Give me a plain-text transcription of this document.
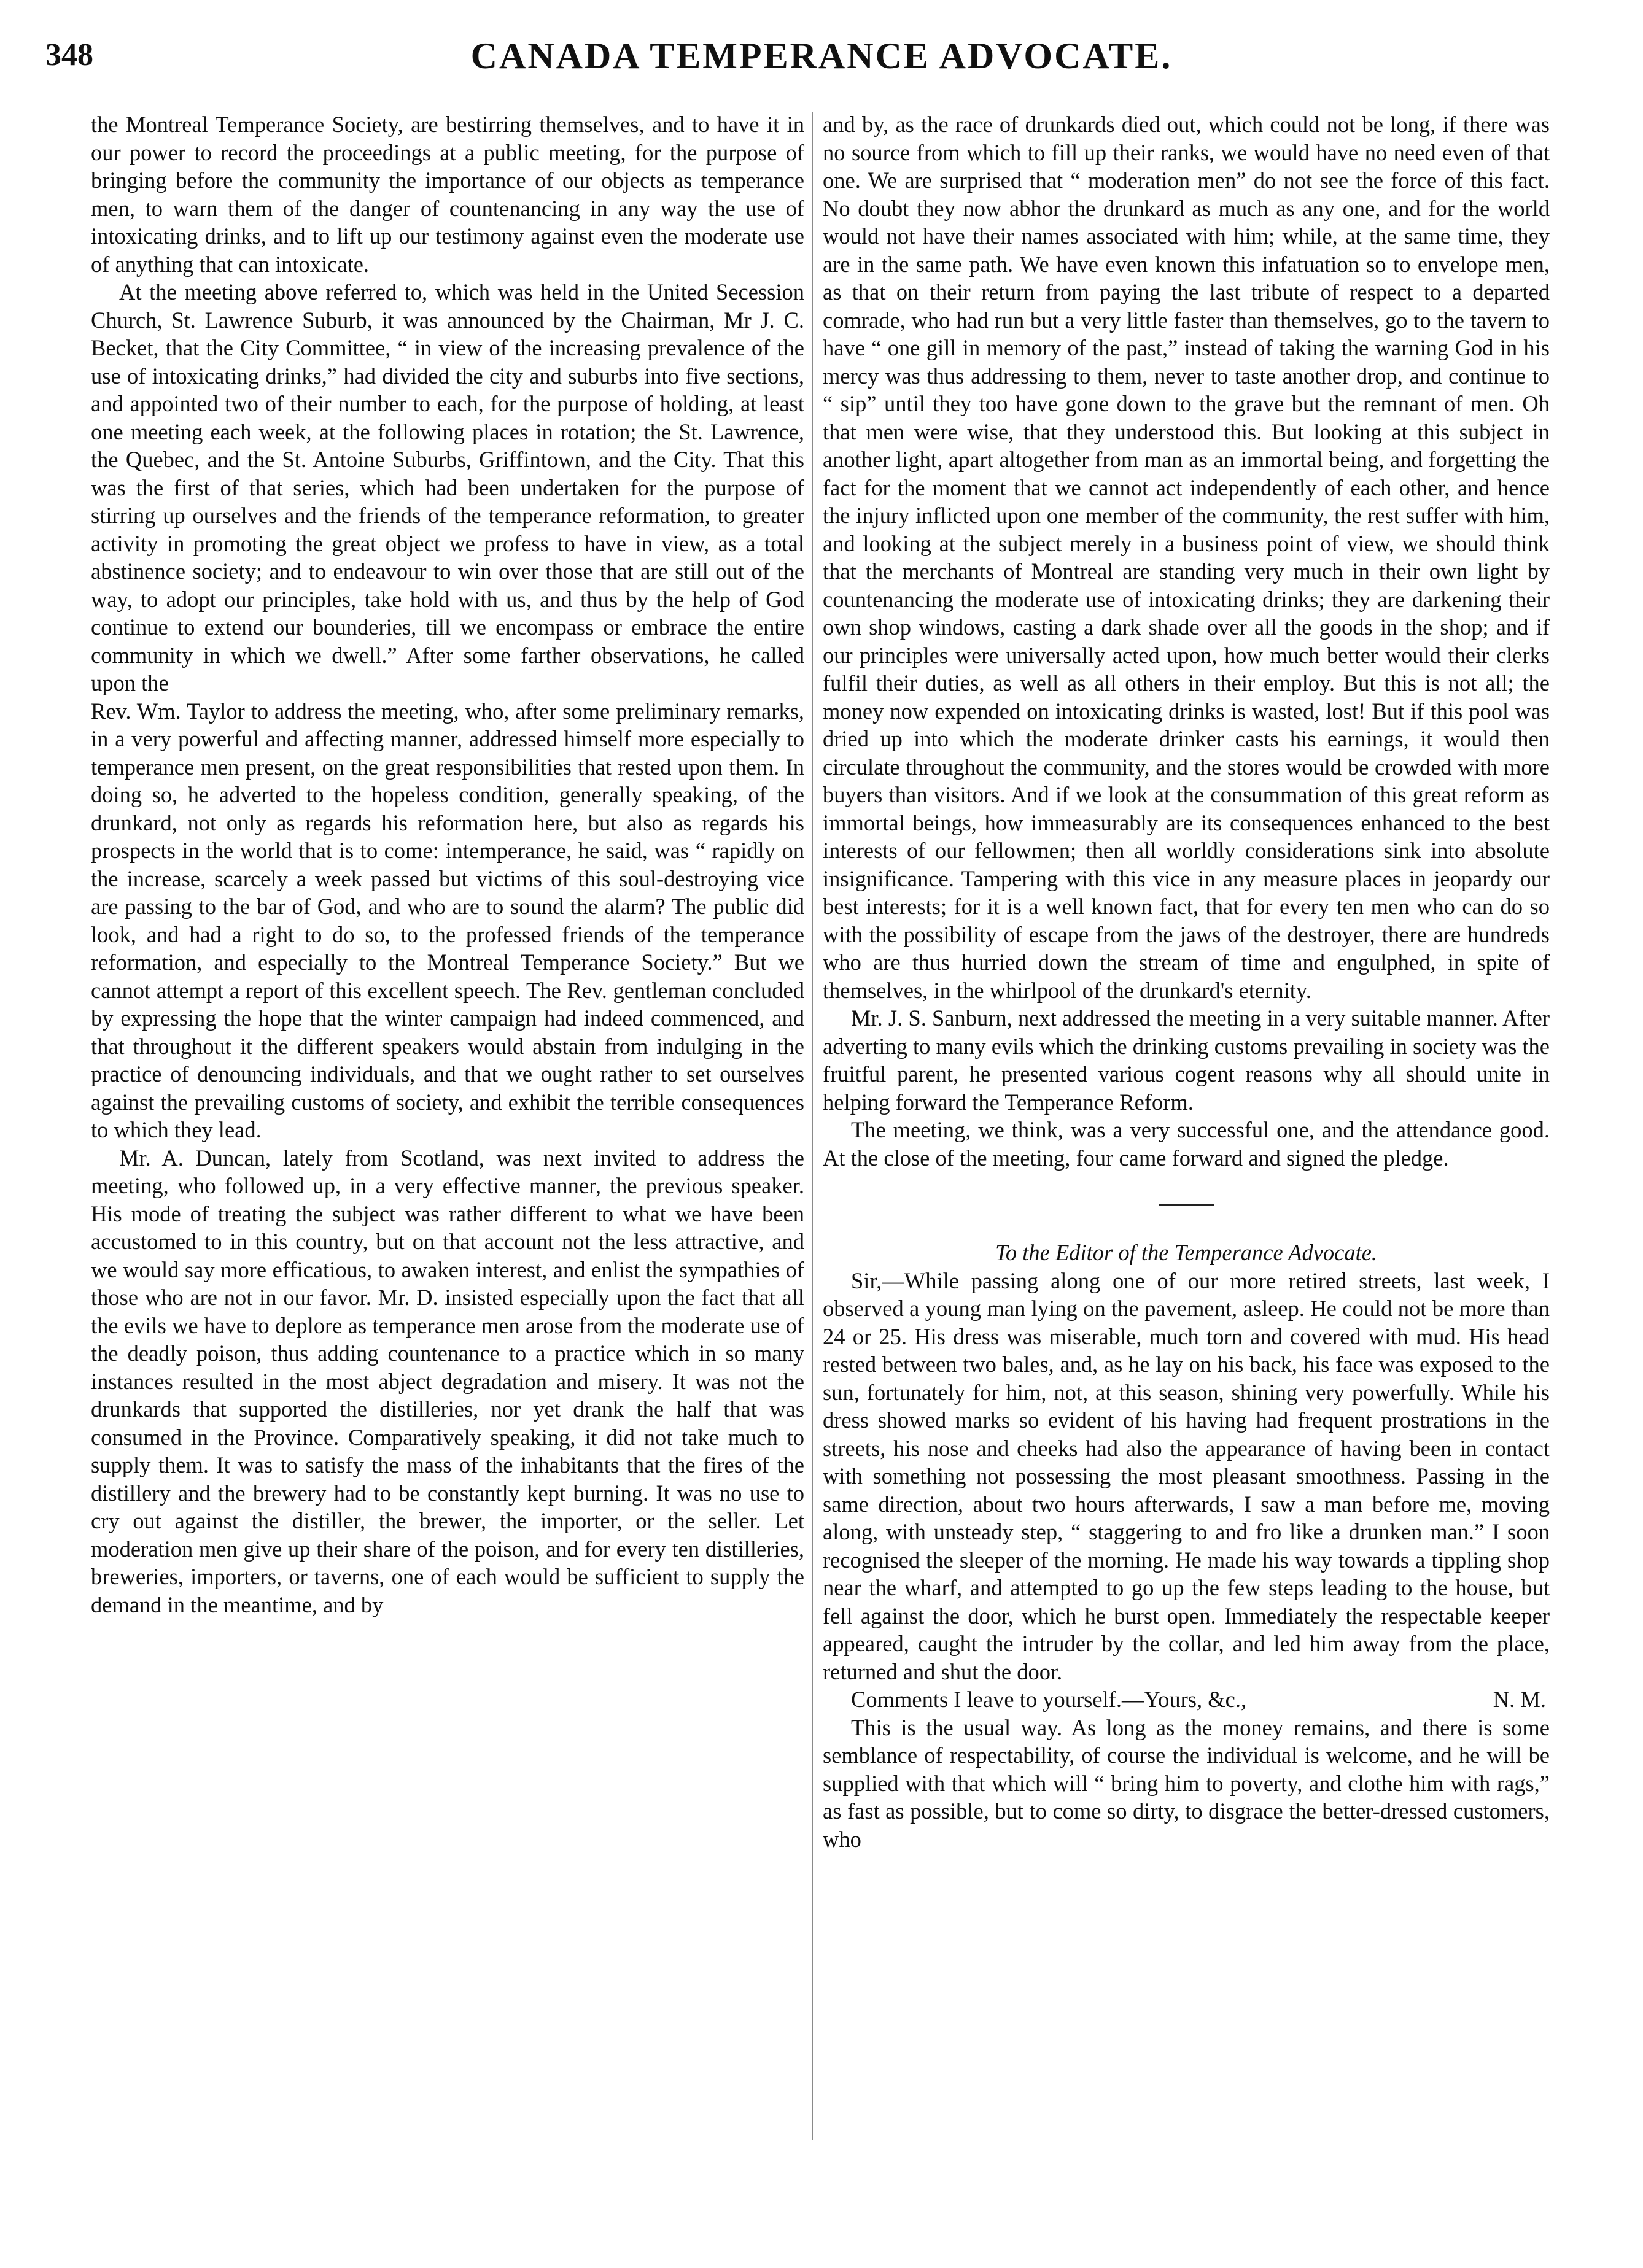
348	CANADA TEMPERANCE ADVOCATE.

the Montreal Temperance Society, are bestirring themselves, and to have it in our power to record the proceedings at a public meeting, for the purpose of bringing before the community the importance of our objects as temperance men, to warn them of the danger of countenancing in any way the use of intoxicating drinks, and to lift up our testimony against even the moderate use of anything that can intoxicate.

At the meeting above referred to, which was held in the United Secession Church, St. Lawrence Suburb, it was announced by the Chairman, Mr J. C. Becket, that the City Committee, “ in view of the increasing prevalence of the use of intoxicating drinks,” had divided the city and suburbs into five sections, and appointed two of their number to each, for the purpose of holding, at least one meeting each week, at the following places in rotation; the St. Lawrence, the Quebec, and the St. Antoine Suburbs, Griffintown, and the City. That this was the first of that series, which had been undertaken for the purpose of stirring up ourselves and the friends of the temperance reformation, to greater activity in promoting the great object we profess to have in view, as a total abstinence society; and to endeavour to win over those that are still out of the way, to adopt our principles, take hold with us, and thus by the help of God continue to extend our bounderies, till we encompass or embrace the entire community in which we dwell.” After some farther observations, he called upon the

Rev. Wm. Taylor to address the meeting, who, after some preliminary remarks, in a very powerful and affecting manner, addressed himself more especially to temperance men present, on the great responsibilities that rested upon them. In doing so, he adverted to the hopeless condition, generally speaking, of the drunkard, not only as regards his reformation here, but also as regards his prospects in the world that is to come: intemperance, he said, was “ rapidly on the increase, scarcely a week passed but victims of this soul-destroying vice are passing to the bar of God, and who are to sound the alarm? The public did look, and had a right to do so, to the professed friends of the temperance reformation, and especially to the Montreal Temperance Society.” But we cannot attempt a report of this excellent speech. The Rev. gentleman concluded by expressing the hope that the winter campaign had indeed commenced, and that throughout it the different speakers would abstain from indulging in the practice of denouncing individuals, and that we ought rather to set ourselves against the prevailing customs of society, and exhibit the terrible consequences to which they lead.

Mr. A. Duncan, lately from Scotland, was next invited to address the meeting, who followed up, in a very effective manner, the previous speaker. His mode of treating the subject was rather different to what we have been accustomed to in this country, but on that account not the less attractive, and we would say more efficatious, to awaken interest, and enlist the sympathies of those who are not in our favor. Mr. D. insisted especially upon the fact that all the evils we have to deplore as temperance men arose from the moderate use of the deadly poison, thus adding countenance to a practice which in so many instances resulted in the most abject degradation and misery. It was not the drunkards that supported the distilleries, nor yet drank the half that was consumed in the Province. Comparatively speaking, it did not take much to supply them. It was to satisfy the mass of the inhabitants that the fires of the distillery and the brewery had to be constantly kept burning. It was no use to cry out against the distiller, the brewer, the importer, or the seller. Let moderation men give up their share of the poison, and for every ten distilleries, breweries, importers, or taverns, one of each would be sufficient to supply the demand in the meantime, and by

and by, as the race of drunkards died out, which could not be long, if there was no source from which to fill up their ranks, we would have no need even of that one. We are surprised that “ moderation men” do not see the force of this fact. No doubt they now abhor the drunkard as much as any one, and for the world would not have their names associated with him; while, at the same time, they are in the same path. We have even known this infatuation so to envelope men, as that on their return from paying the last tribute of respect to a departed comrade, who had run but a very little faster than themselves, go to the tavern to have “ one gill in memory of the past,” instead of taking the warning God in his mercy was thus addressing to them, never to taste another drop, and continue to “ sip” until they too have gone down to the grave but the remnant of men. Oh that men were wise, that they understood this. But looking at this subject in another light, apart altogether from man as an immortal being, and forgetting the fact for the moment that we cannot act independently of each other, and hence the injury inflicted upon one member of the community, the rest suffer with him, and looking at the subject merely in a business point of view, we should think that the merchants of Montreal are standing very much in their own light by countenancing the moderate use of intoxicating drinks; they are darkening their own shop windows, casting a dark shade over all the goods in the shop; and if our principles were universally acted upon, how much better would their clerks fulfil their duties, as well as all others in their employ. But this is not all; the money now expended on intoxicating drinks is wasted, lost! But if this pool was dried up into which the moderate drinker casts his earnings, it would then circulate throughout the community, and the stores would be crowded with more buyers than visitors. And if we look at the consummation of this great reform as immortal beings, how immeasurably are its consequences enhanced to the best interests of our fellowmen; then all worldly considerations sink into absolute insignificance. Tampering with this vice in any measure places in jeopardy our best interests; for it is a well known fact, that for every ten men who can do so with the possibility of escape from the jaws of the destroyer, there are hundreds who are thus hurried down the stream of time and engulphed, in spite of themselves, in the whirlpool of the drunkard's eternity.

Mr. J. S. Sanburn, next addressed the meeting in a very suitable manner. After adverting to many evils which the drinking customs prevailing in society was the fruitful parent, he presented various cogent reasons why all should unite in helping forward the Temperance Reform.

The meeting, we think, was a very successful one, and the attendance good. At the close of the meeting, four came forward and signed the pledge.

To the Editor of the Temperance Advocate.

Sir,—While passing along one of our more retired streets, last week, I observed a young man lying on the pavement, asleep. He could not be more than 24 or 25. His dress was miserable, much torn and covered with mud. His head rested between two bales, and, as he lay on his back, his face was exposed to the sun, fortunately for him, not, at this season, shining very powerfully. While his dress showed marks so evident of his having had frequent prostrations in the streets, his nose and cheeks had also the appearance of having been in contact with something not possessing the most pleasant smoothness. Passing in the same direction, about two hours afterwards, I saw a man before me, moving along, with unsteady step, “ staggering to and fro like a drunken man.” I soon recognised the sleeper of the morning. He made his way towards a tippling shop near the wharf, and attempted to go up the few steps leading to the house, but fell against the door, which he burst open. Immediately the respectable keeper appeared, caught the intruder by the collar, and led him away from the place, returned and shut the door.

Comments I leave to yourself.—Yours, &c.,	N. M.

This is the usual way. As long as the money remains, and there is some semblance of respectability, of course the individual is welcome, and he will be supplied with that which will “ bring him to poverty, and clothe him with rags,” as fast as possible, but to come so dirty, to disgrace the better-dressed customers, who
